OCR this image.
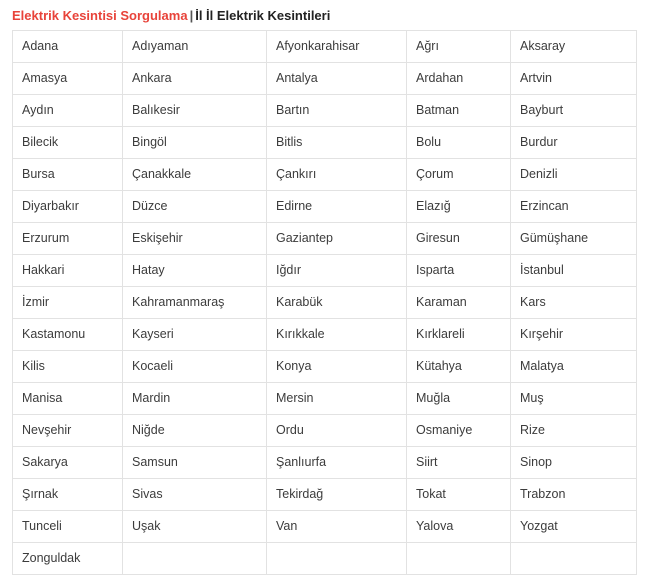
Elektrik Kesintisi Sorgulama | İl İl Elektrik Kesintileri
Adana	Adıyaman	Afyonkarahisar	Ağrı	Aksaray
Amasya	Ankara	Antalya	Ardahan	Artvin
Aydın	Balıkesir	Bartın	Batman	Bayburt
Bilecik	Bingöl	Bitlis	Bolu	Burdur
Bursa	Çanakkale	Çankırı	Çorum	Denizli
Diyarbakır	Düzce	Edirne	Elazığ	Erzincan
Erzurum	Eskişehir	Gaziantep	Giresun	Gümüşhane
Hakkari	Hatay	Iğdır	Isparta	İstanbul
İzmir	Kahramanmaraş	Karabük	Karaman	Kars
Kastamonu	Kayseri	Kırıkkale	Kırklareli	Kırşehir
Kilis	Kocaeli	Konya	Kütahya	Malatya
Manisa	Mardin	Mersin	Muğla	Muş
Nevşehir	Niğde	Ordu	Osmaniye	Rize
Sakarya	Samsun	Şanlıurfa	Siirt	Sinop
Şırnak	Sivas	Tekirdağ	Tokat	Trabzon
Tunceli	Uşak	Van	Yalova	Yozgat
Zonguldak				
